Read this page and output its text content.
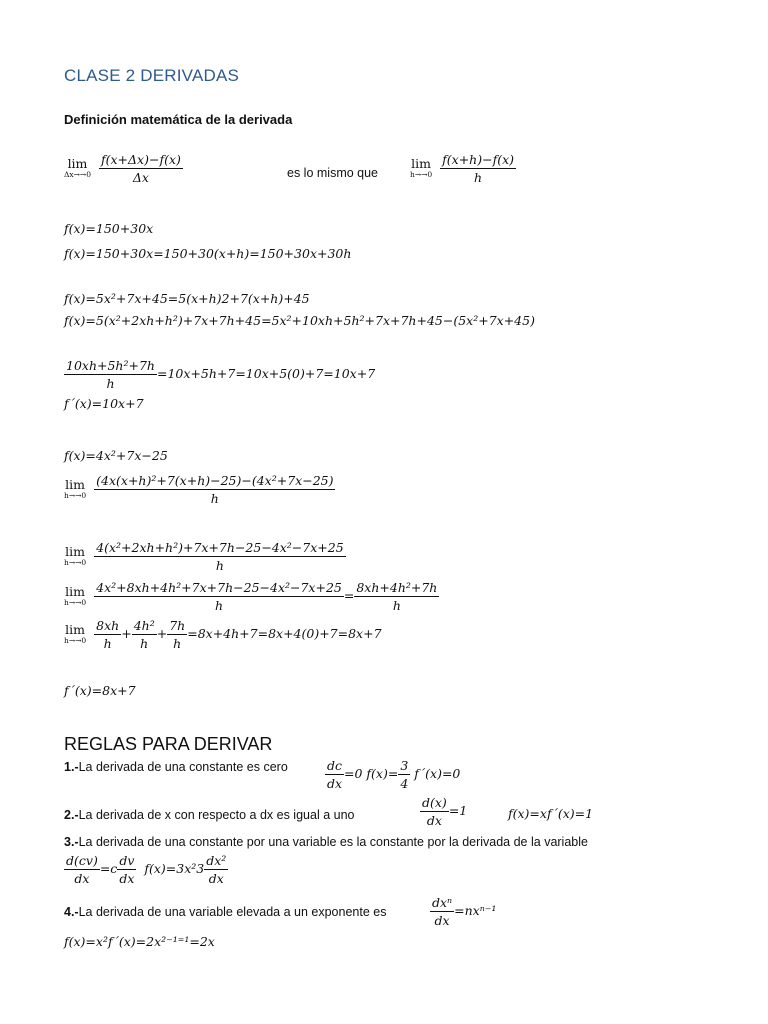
CLASE 2 DERIVADAS
Definición matemática de la derivada
lim
Δx→→0
$\frac{f(x+\Delta x)-f(x)}{\Delta x}$	es lo mismo que
lim
h→→0
$\frac{f(x+h)-f(x)}{h}$
f(x)=150+30x
f(x)=150+30x=150+30(x+h)=150+30x+30h
f(x)=5x²+7x+45=5(x+h)2+7(x+h)+45
f(x)=5(x²+2xh+h²)+7x+7h+45=5x²+10xh+5h²+7x+7h+45−(5x²+7x+45)
$\frac{\text{10xh+5h²+7h}}{h} =10x+5h+7=10x+5(0)+7=10x+7$
f´(x)=10x+7
f(x)=4x²+7x−25
lim
h→→0
$\frac{\text{(4x(x+h)²+7(x+h)−25)−(4x²+7x−25)}}{h}$
lim
h→→0
$\frac{\text{4(x²+2xh+h²)+7x+7h−25−4x²−7x+25}}{h}$
lim
h→→0
$\frac{\text{4x²+8xh+4h²+7x+7h−25−4x²−7x+25}}{h} = \frac{\text{8xh+4h²+7h}}{h}$
lim
h→→0
$\frac{8xh}{h} + \frac{\text{4h²}}{h} + \frac{7h}{h} =8x+4h+7=8x+4(0)+7=8x+7$
f´(x)=8x+7
REGLAS PARA DERIVAR
1.-La derivada de una constante es cero	$\frac{dc}{dx} =0$ $f(x)= \frac{3}{4}$ f´(x)=0
2.-La derivada de x con respecto a dx es igual a uno	$\frac{d(x)}{dx} =1$	f(x)=xf´(x)=1
3.-La derivada de una constante por una variable es la constante por la derivada de la variable
$\frac{d(cv)}{dx} =c \frac{dv}{dx} f(x)=3x^23 \frac{\text{dx²}}{dx}$
4.-La derivada de una variable elevada a un exponente es	$\frac{\text{dxⁿ}}{dx} =nx^{n-1}$
f(x)=x²f´(x)=2x²⁻¹⁼¹=2x
